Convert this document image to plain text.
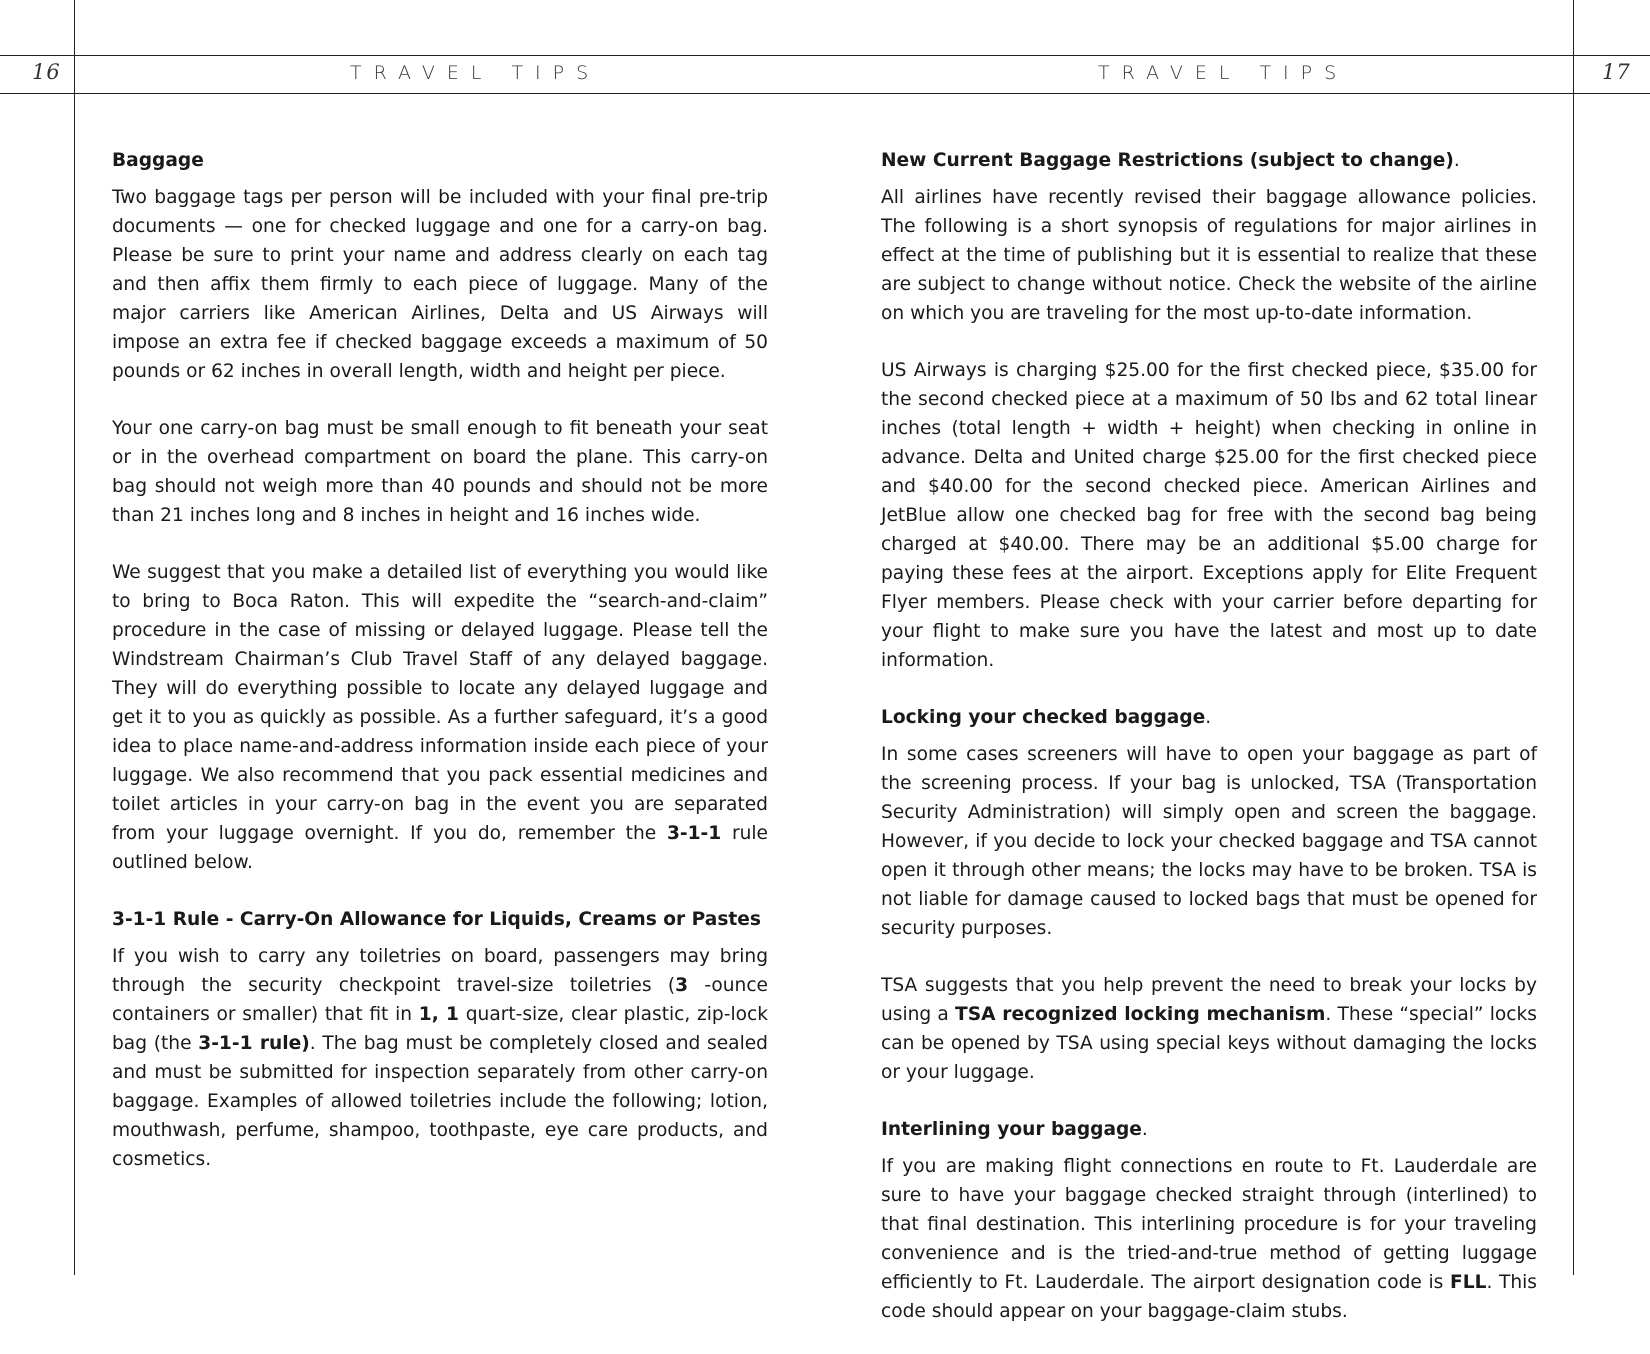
16	17
TRAVEL TIPS	TRAVEL TIPS
Baggage

Two baggage tags per person will be included with your final pre-trip documents — one for checked luggage and one for a carry-on bag. Please be sure to print your name and address clearly on each tag and then affix them firmly to each piece of luggage. Many of the major carriers like American Airlines, Delta and US Airways will impose an extra fee if checked baggage exceeds a maximum of 50 pounds or 62 inches in overall length, width and height per piece.

Your one carry-on bag must be small enough to fit beneath your seat or in the overhead compartment on board the plane. This carry-on bag should not weigh more than 40 pounds and should not be more than 21 inches long and 8 inches in height and 16 inches wide.

We suggest that you make a detailed list of everything you would like to bring to Boca Raton. This will expedite the “search-and-claim” procedure in the case of missing or delayed luggage. Please tell the Windstream Chairman’s Club Travel Staff of any delayed baggage. They will do everything possible to locate any delayed luggage and get it to you as quickly as possible. As a further safeguard, it’s a good idea to place name-and-address information inside each piece of your luggage. We also recommend that you pack essential medicines and toilet articles in your carry-on bag in the event you are separated from your luggage overnight. If you do, remember the 3-1-1 rule outlined below.

3-1-1 Rule - Carry-On Allowance for Liquids, Creams or Pastes

If you wish to carry any toiletries on board, passengers may bring through the security checkpoint travel-size toiletries (3 -ounce containers or smaller) that fit in 1, 1 quart-size, clear plastic, zip-lock bag (the 3-1-1 rule). The bag must be completely closed and sealed and must be submitted for inspection separately from other carry-on baggage. Examples of allowed toiletries include the following; lotion, mouthwash, perfume, shampoo, toothpaste, eye care products, and cosmetics.

New Current Baggage Restrictions (subject to change).

All airlines have recently revised their baggage allowance policies. The following is a short synopsis of regulations for major airlines in effect at the time of publishing but it is essential to realize that these are subject to change without notice. Check the website of the airline on which you are traveling for the most up-to-date information.

US Airways is charging $25.00 for the first checked piece, $35.00 for the second checked piece at a maximum of 50 lbs and 62 total linear inches (total length + width + height) when checking in online in advance. Delta and United charge $25.00 for the first checked piece and $40.00 for the second checked piece. American Airlines and JetBlue allow one checked bag for free with the second bag being charged at $40.00. There may be an additional $5.00 charge for paying these fees at the airport. Exceptions apply for Elite Frequent Flyer members. Please check with your carrier before departing for your flight to make sure you have the latest and most up to date information.

Locking your checked baggage.

In some cases screeners will have to open your baggage as part of the screening process. If your bag is unlocked, TSA (Transportation Security Administration) will simply open and screen the baggage. However, if you decide to lock your checked baggage and TSA cannot open it through other means; the locks may have to be broken. TSA is not liable for damage caused to locked bags that must be opened for security purposes.

TSA suggests that you help prevent the need to break your locks by using a TSA recognized locking mechanism. These “special” locks can be opened by TSA using special keys without damaging the locks or your luggage.

Interlining your baggage.

If you are making flight connections en route to Ft. Lauderdale are sure to have your baggage checked straight through (interlined) to that final destination. This interlining procedure is for your traveling convenience and is the tried-and-true method of getting luggage efficiently to Ft. Lauderdale. The airport designation code is FLL. This code should appear on your baggage-claim stubs.
